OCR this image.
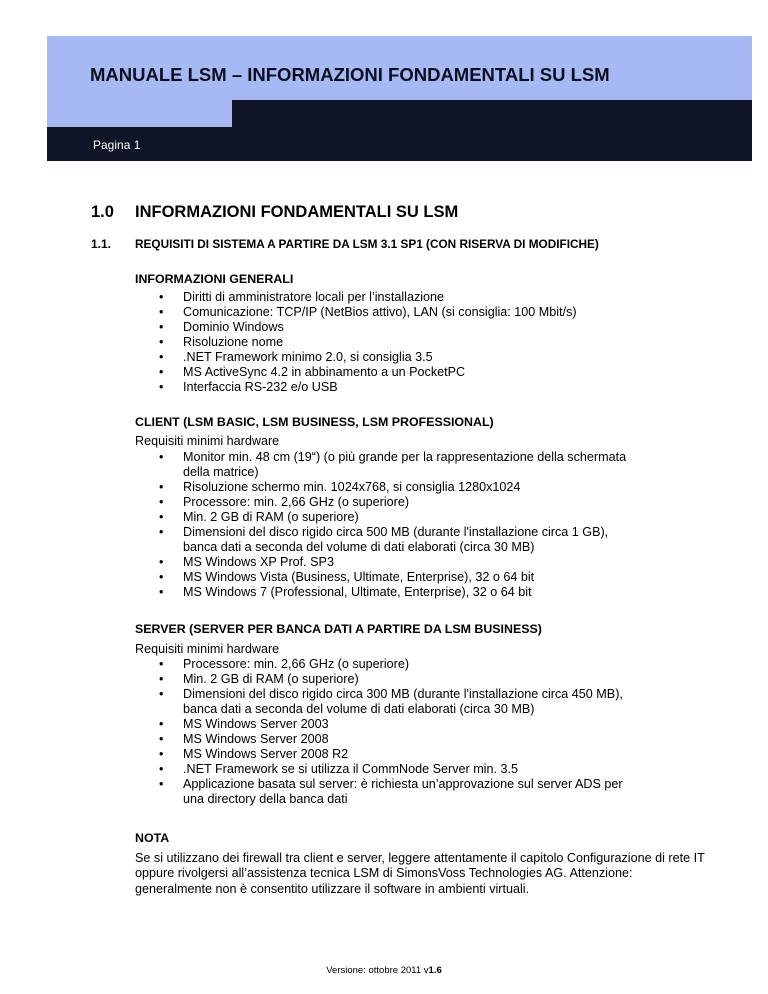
MANUALE LSM – INFORMAZIONI FONDAMENTALI SU LSM
Pagina 1
1.0 INFORMAZIONI FONDAMENTALI SU LSM
1.1. REQUISITI DI SISTEMA A PARTIRE DA LSM 3.1 SP1 (CON RISERVA DI MODIFICHE)
INFORMAZIONI GENERALI
• Diritti di amministratore locali per l’installazione
• Comunicazione: TCP/IP (NetBios attivo), LAN (si consiglia: 100 Mbit/s)
• Dominio Windows
• Risoluzione nome
• .NET Framework minimo 2.0, si consiglia 3.5
• MS ActiveSync 4.2 in abbinamento a un PocketPC
• Interfaccia RS-232 e/o USB
CLIENT (LSM BASIC, LSM BUSINESS, LSM PROFESSIONAL)
Requisiti minimi hardware
• Monitor min. 48 cm (19“) (o più grande per la rappresentazione della schermata
della matrice)
• Risoluzione schermo min. 1024x768, si consiglia 1280x1024
• Processore: min. 2,66 GHz (o superiore)
• Min. 2 GB di RAM (o superiore)
• Dimensioni del disco rigido circa 500 MB (durante l'installazione circa 1 GB),
banca dati a seconda del volume di dati elaborati (circa 30 MB)
• MS Windows XP Prof. SP3
• MS Windows Vista (Business, Ultimate, Enterprise), 32 o 64 bit
• MS Windows 7 (Professional, Ultimate, Enterprise), 32 o 64 bit
SERVER (SERVER PER BANCA DATI A PARTIRE DA LSM BUSINESS)
Requisiti minimi hardware
• Processore: min. 2,66 GHz (o superiore)
• Min. 2 GB di RAM (o superiore)
• Dimensioni del disco rigido circa 300 MB (durante l'installazione circa 450 MB),
banca dati a seconda del volume di dati elaborati (circa 30 MB)
• MS Windows Server 2003
• MS Windows Server 2008
• MS Windows Server 2008 R2
• .NET Framework se si utilizza il CommNode Server min. 3.5
• Applicazione basata sul server: è richiesta un’approvazione sul server ADS per
una directory della banca dati
NOTA
Se si utilizzano dei firewall tra client e server, leggere attentamente il capitolo Configurazione di rete IT oppure rivolgersi all’assistenza tecnica LSM di SimonsVoss Technologies AG. Attenzione: generalmente non è consentito utilizzare il software in ambienti virtuali.
Versione: ottobre 2011 v1.6
